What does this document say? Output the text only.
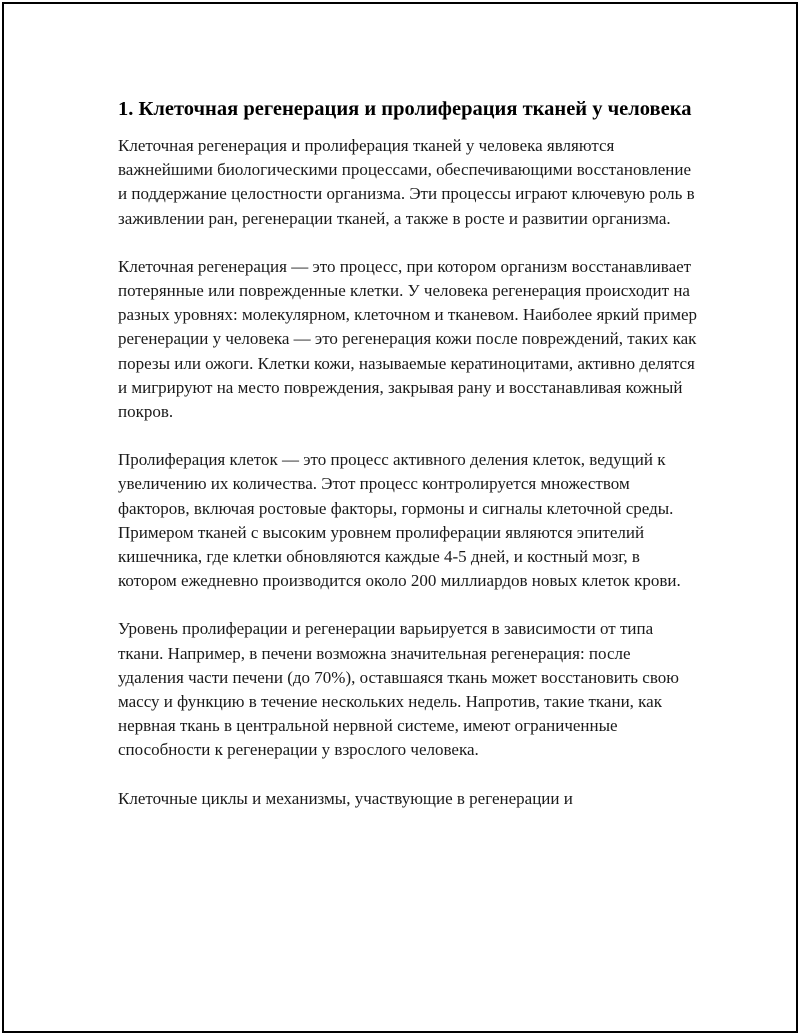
1. Клеточная регенерация и пролиферация тканей у человека

Клеточная регенерация и пролиферация тканей у человека являются важнейшими биологическими процессами, обеспечивающими восстановление и поддержание целостности организма. Эти процессы играют ключевую роль в заживлении ран, регенерации тканей, а также в росте и развитии организма.

Клеточная регенерация — это процесс, при котором организм восстанавливает потерянные или поврежденные клетки. У человека регенерация происходит на разных уровнях: молекулярном, клеточном и тканевом. Наиболее яркий пример регенерации у человека — это регенерация кожи после повреждений, таких как порезы или ожоги. Клетки кожи, называемые кератиноцитами, активно делятся и мигрируют на место повреждения, закрывая рану и восстанавливая кожный покров.

Пролиферация клеток — это процесс активного деления клеток, ведущий к увеличению их количества. Этот процесс контролируется множеством факторов, включая ростовые факторы, гормоны и сигналы клеточной среды. Примером тканей с высоким уровнем пролиферации являются эпителий кишечника, где клетки обновляются каждые 4-5 дней, и костный мозг, в котором ежедневно производится около 200 миллиардов новых клеток крови.

Уровень пролиферации и регенерации варьируется в зависимости от типа ткани. Например, в печени возможна значительная регенерация: после удаления части печени (до 70%), оставшаяся ткань может восстановить свою массу и функцию в течение нескольких недель. Напротив, такие ткани, как нервная ткань в центральной нервной системе, имеют ограниченные способности к регенерации у взрослого человека.

Клеточные циклы и механизмы, участвующие в регенерации и
